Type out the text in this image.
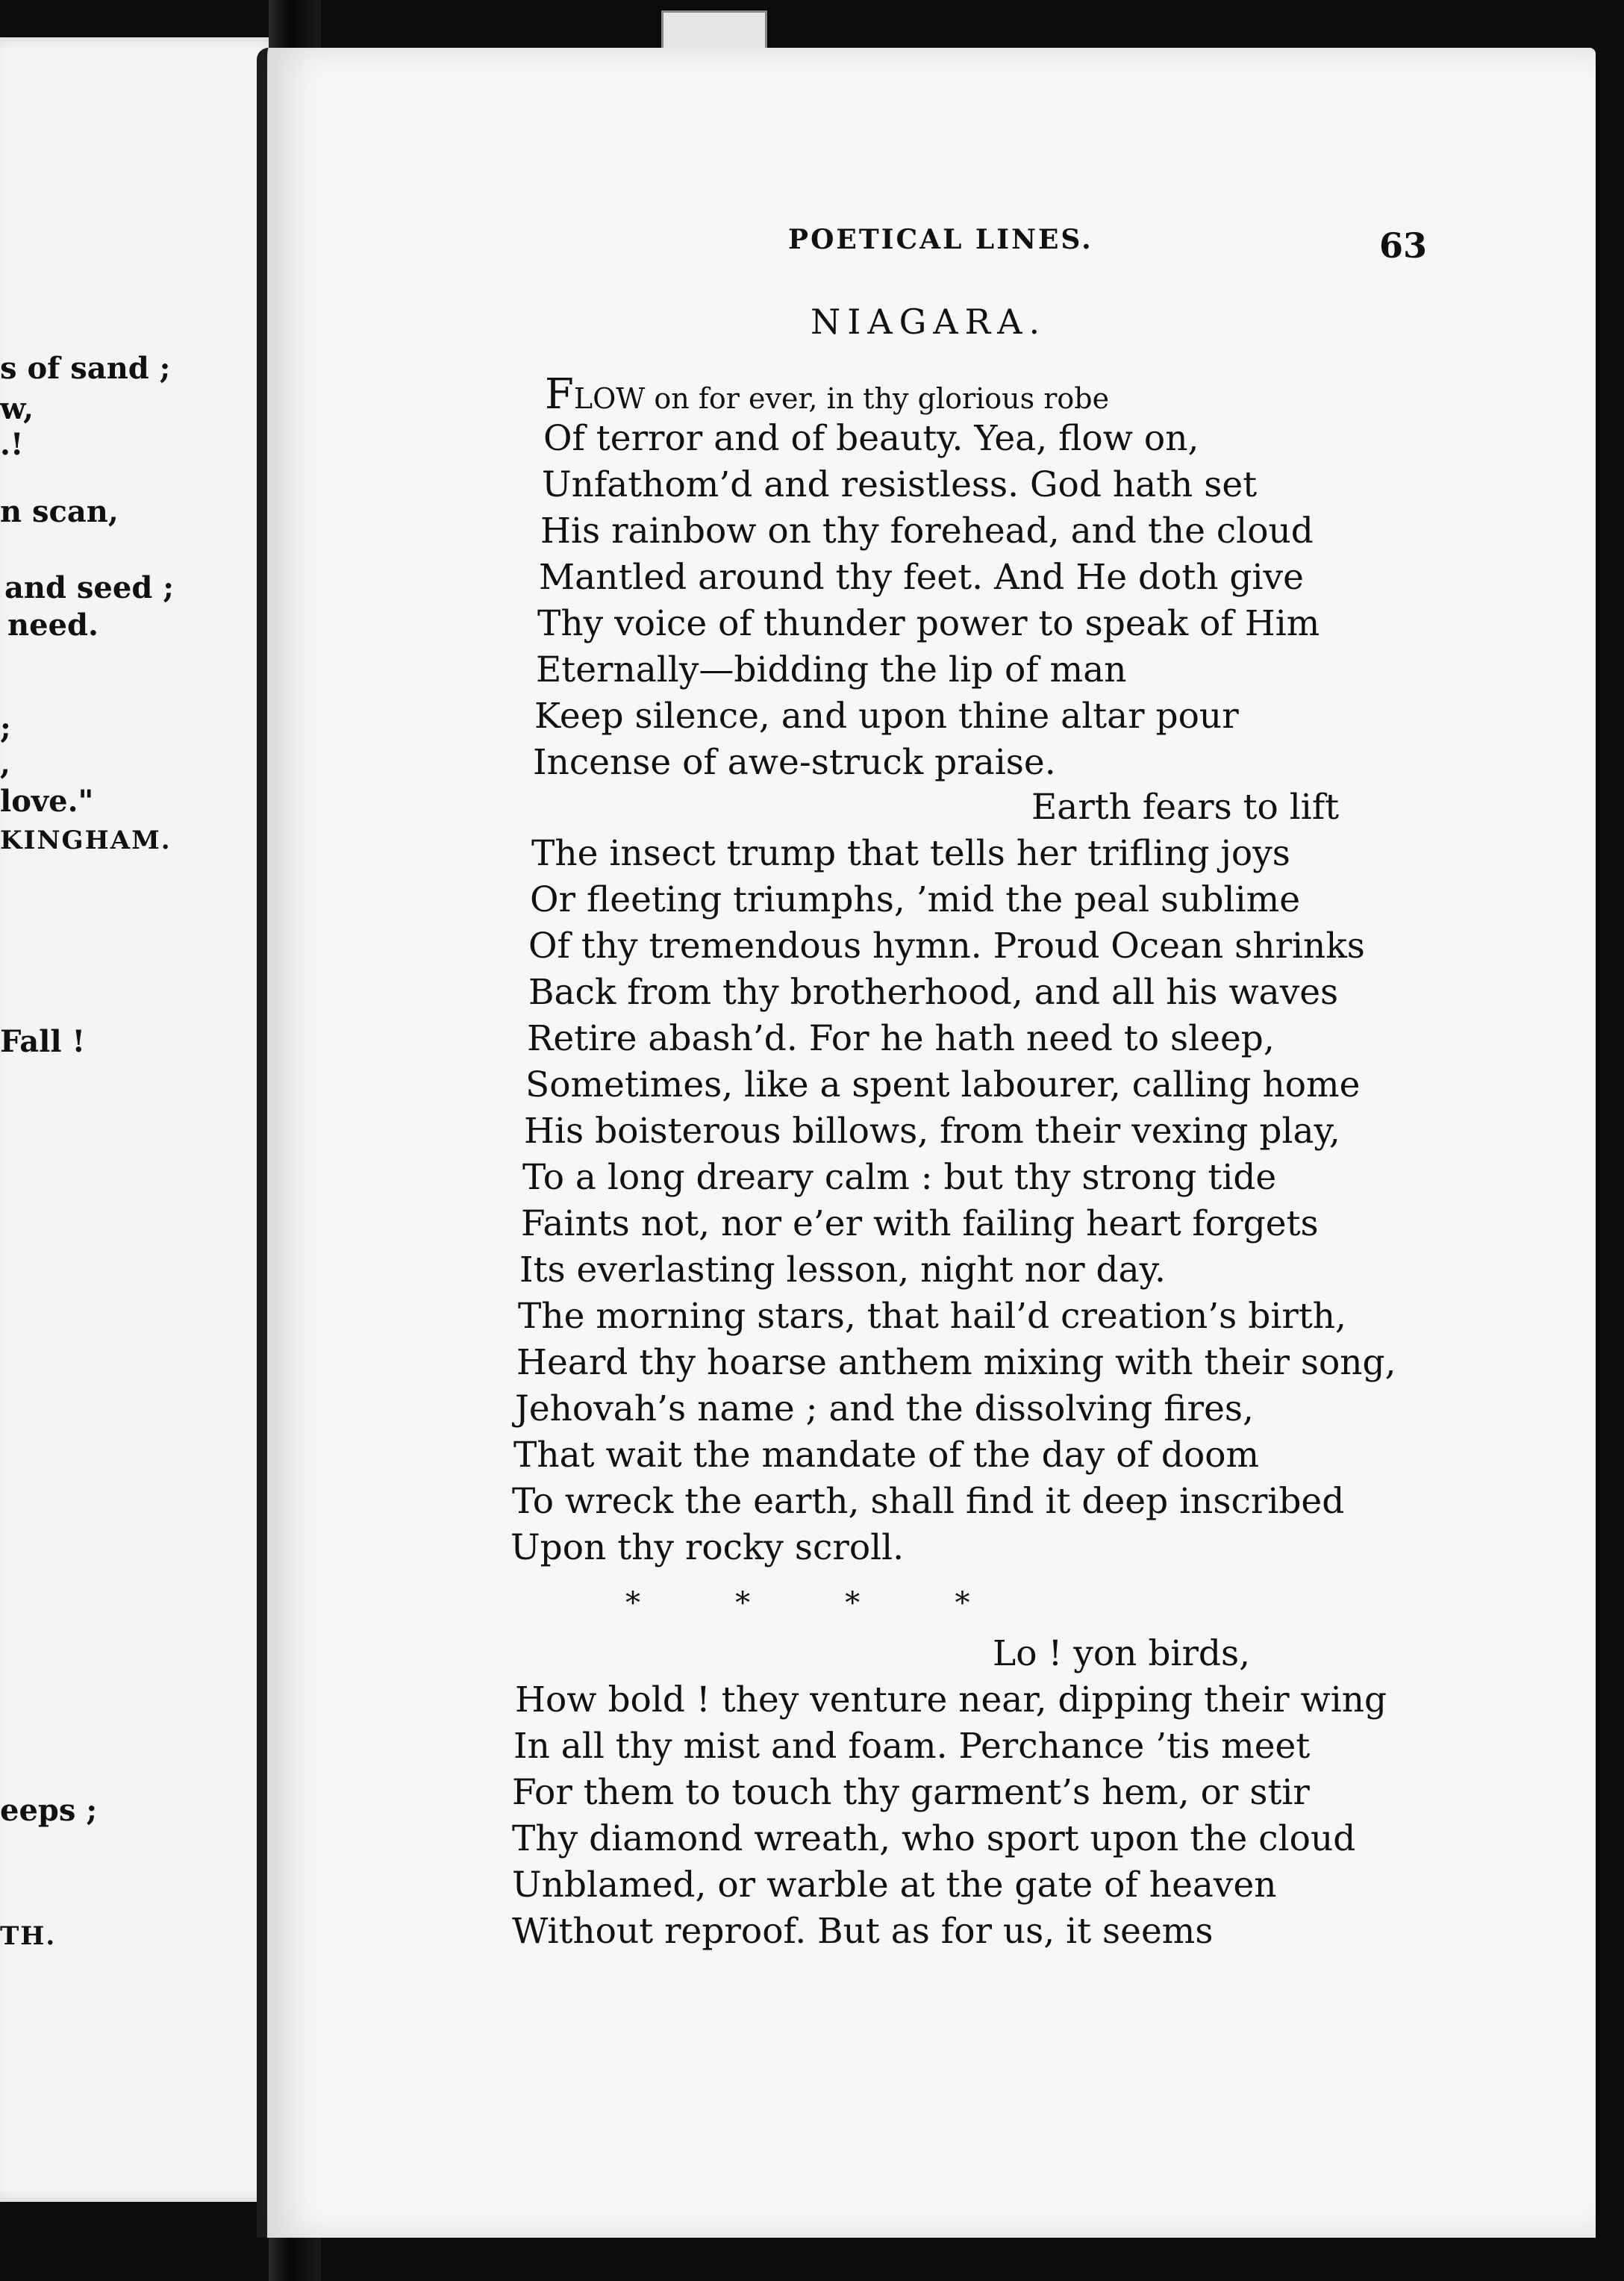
s of sand ;
w,
.!
n scan,
and seed ;
need.
;
,
love."
KINGHAM.
Fall !
eeps ;
TH.
POETICAL LINES.	63
NIAGARA.
FLOW on for ever, in thy glorious robe
Of terror and of beauty. Yea, flow on,
Unfathom’d and resistless. God hath set
His rainbow on thy forehead, and the cloud
Mantled around thy feet. And He doth give
Thy voice of thunder power to speak of Him
Eternally—bidding the lip of man
Keep silence, and upon thine altar pour
Incense of awe-struck praise.
Earth fears to lift
The insect trump that tells her trifling joys
Or fleeting triumphs, ’mid the peal sublime
Of thy tremendous hymn. Proud Ocean shrinks
Back from thy brotherhood, and all his waves
Retire abash’d. For he hath need to sleep,
Sometimes, like a spent labourer, calling home
His boisterous billows, from their vexing play,
To a long dreary calm : but thy strong tide
Faints not, nor e’er with failing heart forgets
Its everlasting lesson, night nor day.
The morning stars, that hail’d creation’s birth,
Heard thy hoarse anthem mixing with their song,
Jehovah’s name ; and the dissolving fires,
That wait the mandate of the day of doom
To wreck the earth, shall find it deep inscribed
Upon thy rocky scroll.
*          *          *          *
Lo ! yon birds,
How bold ! they venture near, dipping their wing
In all thy mist and foam. Perchance ’tis meet
For them to touch thy garment’s hem, or stir
Thy diamond wreath, who sport upon the cloud
Unblamed, or warble at the gate of heaven
Without reproof. But as for us, it seems
